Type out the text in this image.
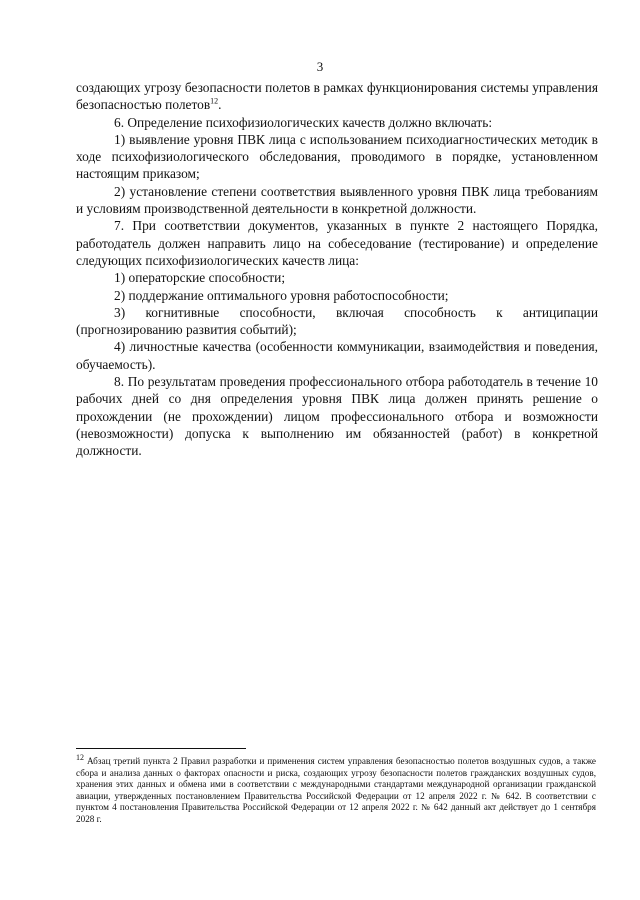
3

создающих угрозу безопасности полетов в рамках функционирования системы управления безопасностью полетов$^{12}$.

6. Определение психофизиологических качеств должно включать:

1) выявление уровня ПВК лица с использованием психодиагностических методик в ходе психофизиологического обследования, проводимого в порядке, установленном настоящим приказом;

2) установление степени соответствия выявленного уровня ПВК лица требованиям и условиям производственной деятельности в конкретной должности.

7. При соответствии документов, указанных в пункте 2 настоящего Порядка, работодатель должен направить лицо на собеседование (тестирование) и определение следующих психофизиологических качеств лица:

1) операторские способности;

2) поддержание оптимального уровня работоспособности;

3) когнитивные способности, включая способность к антиципации (прогнозированию развития событий);

4) личностные качества (особенности коммуникации, взаимодействия и поведения, обучаемость).

8. По результатам проведения профессионального отбора работодатель в течение 10 рабочих дней со дня определения уровня ПВК лица должен принять решение о прохождении (не прохождении) лицом профессионального отбора и возможности (невозможности) допуска к выполнению им обязанностей (работ) в конкретной должности.

$^{12}$ Абзац третий пункта 2 Правил разработки и применения систем управления безопасностью полетов воздушных судов, а также сбора и анализа данных о факторах опасности и риска, создающих угрозу безопасности полетов гражданских воздушных судов, хранения этих данных и обмена ими в соответствии с международными стандартами международной организации гражданской авиации, утвержденных постановлением Правительства Российской Федерации от 12 апреля 2022 г. № 642. В соответствии с пунктом 4 постановления Правительства Российской Федерации от 12 апреля 2022 г. № 642 данный акт действует до 1 сентября 2028 г.
